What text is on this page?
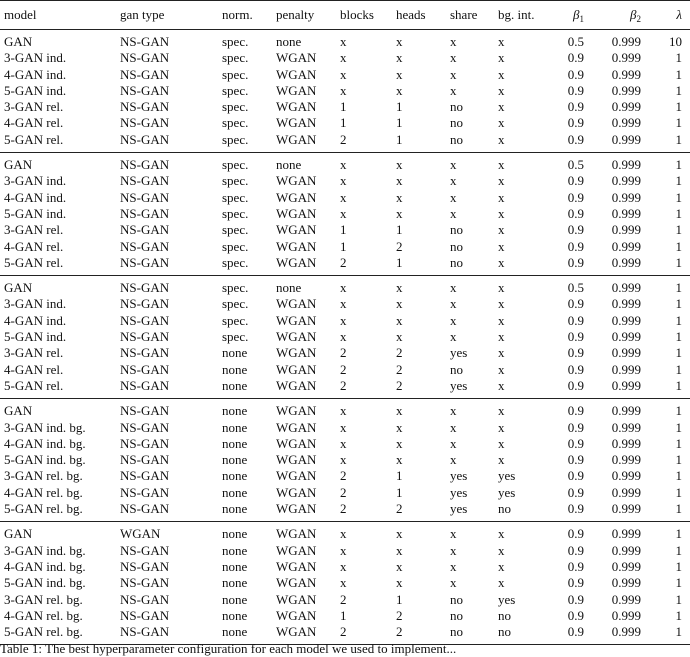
model	gan type	norm.	penalty	blocks	heads	share	bg. int.	$\beta_1$	$\beta_2$	λ
GAN	NS-GAN	spec.	none	x	x	x	x	0.5	0.999	10
3-GAN ind.	NS-GAN	spec.	WGAN	x	x	x	x	0.9	0.999	1
4-GAN ind.	NS-GAN	spec.	WGAN	x	x	x	x	0.9	0.999	1
5-GAN ind.	NS-GAN	spec.	WGAN	x	x	x	x	0.9	0.999	1
3-GAN rel.	NS-GAN	spec.	WGAN	1	1	no	x	0.9	0.999	1
4-GAN rel.	NS-GAN	spec.	WGAN	1	1	no	x	0.9	0.999	1
5-GAN rel.	NS-GAN	spec.	WGAN	2	1	no	x	0.9	0.999	1
GAN	NS-GAN	spec.	none	x	x	x	x	0.5	0.999	1
3-GAN ind.	NS-GAN	spec.	WGAN	x	x	x	x	0.9	0.999	1
4-GAN ind.	NS-GAN	spec.	WGAN	x	x	x	x	0.9	0.999	1
5-GAN ind.	NS-GAN	spec.	WGAN	x	x	x	x	0.9	0.999	1
3-GAN rel.	NS-GAN	spec.	WGAN	1	1	no	x	0.9	0.999	1
4-GAN rel.	NS-GAN	spec.	WGAN	1	2	no	x	0.9	0.999	1
5-GAN rel.	NS-GAN	spec.	WGAN	2	1	no	x	0.9	0.999	1
GAN	NS-GAN	spec.	none	x	x	x	x	0.5	0.999	1
3-GAN ind.	NS-GAN	spec.	WGAN	x	x	x	x	0.9	0.999	1
4-GAN ind.	NS-GAN	spec.	WGAN	x	x	x	x	0.9	0.999	1
5-GAN ind.	NS-GAN	spec.	WGAN	x	x	x	x	0.9	0.999	1
3-GAN rel.	NS-GAN	none	WGAN	2	2	yes	x	0.9	0.999	1
4-GAN rel.	NS-GAN	none	WGAN	2	2	no	x	0.9	0.999	1
5-GAN rel.	NS-GAN	none	WGAN	2	2	yes	x	0.9	0.999	1
GAN	NS-GAN	none	WGAN	x	x	x	x	0.9	0.999	1
3-GAN ind. bg.	NS-GAN	none	WGAN	x	x	x	x	0.9	0.999	1
4-GAN ind. bg.	NS-GAN	none	WGAN	x	x	x	x	0.9	0.999	1
5-GAN ind. bg.	NS-GAN	none	WGAN	x	x	x	x	0.9	0.999	1
3-GAN rel. bg.	NS-GAN	none	WGAN	2	1	yes	yes	0.9	0.999	1
4-GAN rel. bg.	NS-GAN	none	WGAN	2	1	yes	yes	0.9	0.999	1
5-GAN rel. bg.	NS-GAN	none	WGAN	2	2	yes	no	0.9	0.999	1
GAN	WGAN	none	WGAN	x	x	x	x	0.9	0.999	1
3-GAN ind. bg.	NS-GAN	none	WGAN	x	x	x	x	0.9	0.999	1
4-GAN ind. bg.	NS-GAN	none	WGAN	x	x	x	x	0.9	0.999	1
5-GAN ind. bg.	NS-GAN	none	WGAN	x	x	x	x	0.9	0.999	1
3-GAN rel. bg.	NS-GAN	none	WGAN	2	1	no	yes	0.9	0.999	1
4-GAN rel. bg.	NS-GAN	none	WGAN	1	2	no	no	0.9	0.999	1
5-GAN rel. bg.	NS-GAN	none	WGAN	2	2	no	no	0.9	0.999	1
Table 1: The best hyperparameter configuration for each model we used to implement...
